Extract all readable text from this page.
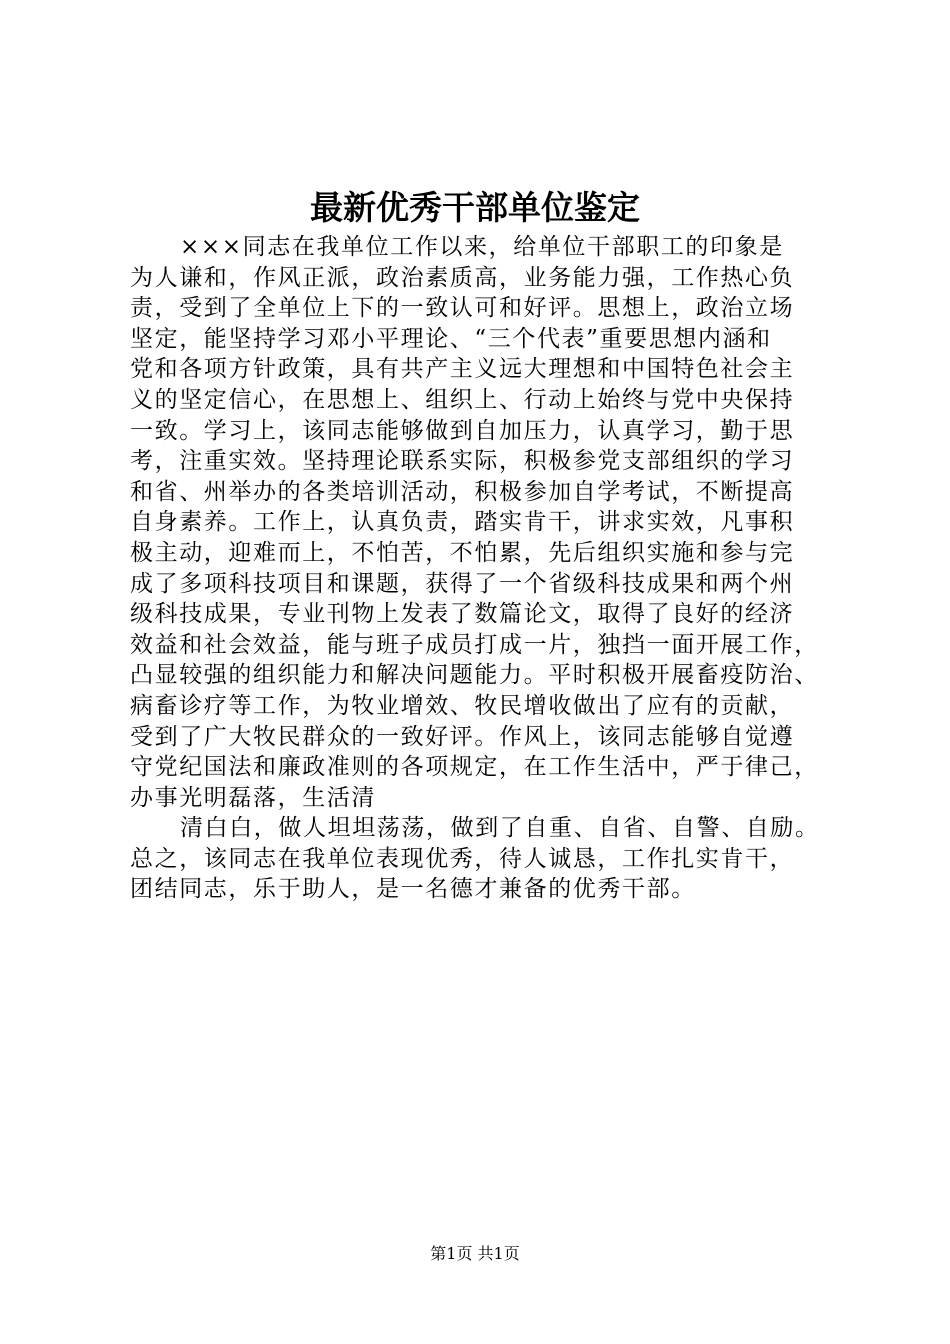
最新优秀干部单位鉴定
×××同志在我单位工作以来，给单位干部职工的印象是
为人谦和，作风正派，政治素质高，业务能力强，工作热心负
责，受到了全单位上下的一致认可和好评。思想上，政治立场
坚定，能坚持学习邓小平理论、“三个代表”重要思想内涵和
党和各项方针政策，具有共产主义远大理想和中国特色社会主
义的坚定信心，在思想上、组织上、行动上始终与党中央保持
一致。学习上，该同志能够做到自加压力，认真学习，勤于思
考，注重实效。坚持理论联系实际，积极参党支部组织的学习
和省、州举办的各类培训活动，积极参加自学考试，不断提高
自身素养。工作上，认真负责，踏实肯干，讲求实效，凡事积
极主动，迎难而上，不怕苦，不怕累，先后组织实施和参与完
成了多项科技项目和课题，获得了一个省级科技成果和两个州
级科技成果，专业刊物上发表了数篇论文，取得了良好的经济
效益和社会效益，能与班子成员打成一片，独挡一面开展工作，
凸显较强的组织能力和解决问题能力。平时积极开展畜疫防治、
病畜诊疗等工作，为牧业增效、牧民增收做出了应有的贡献，
受到了广大牧民群众的一致好评。作风上，该同志能够自觉遵
守党纪国法和廉政准则的各项规定，在工作生活中，严于律己，
办事光明磊落，生活清
清白白，做人坦坦荡荡，做到了自重、自省、自警、自励。
总之，该同志在我单位表现优秀，待人诚恳，工作扎实肯干，
团结同志，乐于助人，是一名德才兼备的优秀干部。
第1页 共1页
